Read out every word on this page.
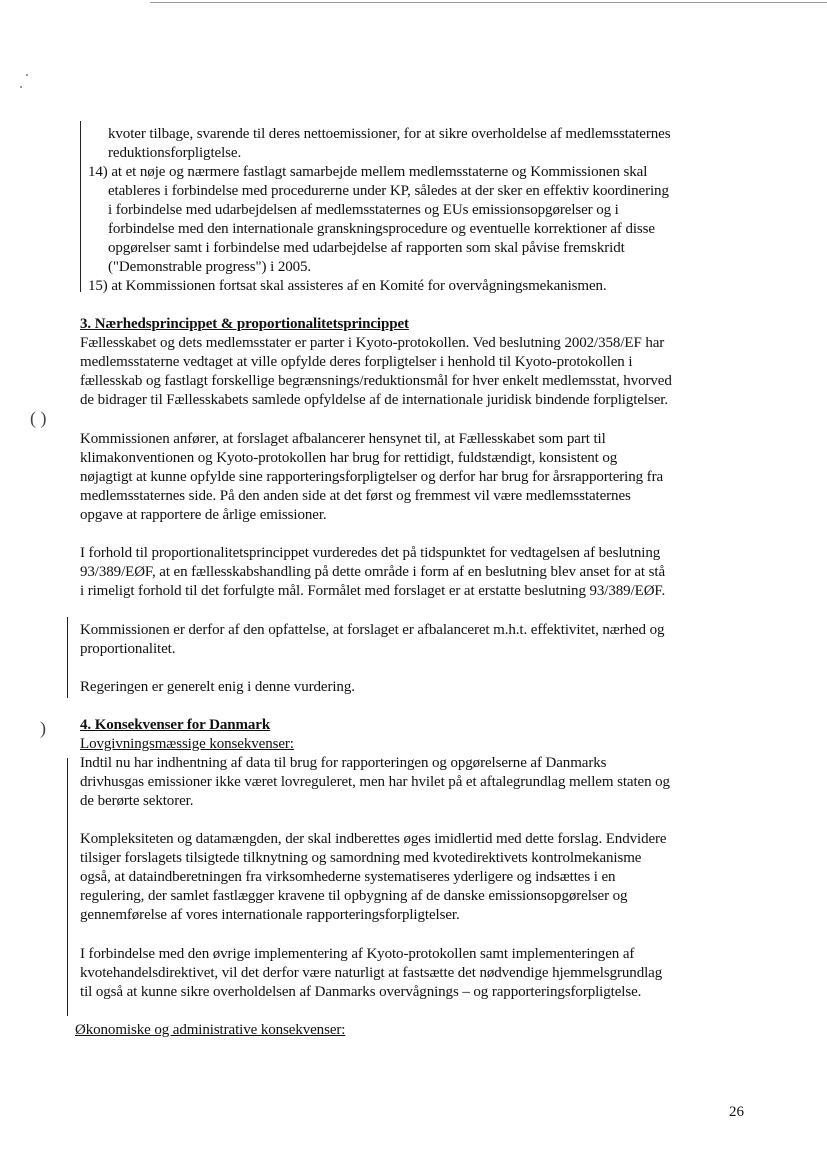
( )
)
kvoter tilbage, svarende til deres nettoemissioner, for at sikre overholdelse af medlemsstaternes
reduktionsforpligtelse.
14) at et nøje og nærmere fastlagt samarbejde mellem medlemsstaterne og Kommissionen skal
etableres i forbindelse med procedurerne under KP, således at der sker en effektiv koordinering
i forbindelse med udarbejdelsen af medlemsstaternes og EUs emissionsopgørelser og i
forbindelse med den internationale granskningsprocedure og eventuelle korrektioner af disse
opgørelser samt i forbindelse med udarbejdelse af rapporten som skal påvise fremskridt
("Demonstrable progress") i 2005.
15) at Kommissionen fortsat skal assisteres af en Komité for overvågningsmekanismen.
3. Nærhedsprincippet & proportionalitetsprincippet
Fællesskabet og dets medlemsstater er parter i Kyoto-protokollen. Ved beslutning 2002/358/EF har
medlemsstaterne vedtaget at ville opfylde deres forpligtelser i henhold til Kyoto-protokollen i
fællesskab og fastlagt forskellige begrænsnings/reduktionsmål for hver enkelt medlemsstat, hvorved
de bidrager til Fællesskabets samlede opfyldelse af de internationale juridisk bindende forpligtelser.
Kommissionen anfører, at forslaget afbalancerer hensynet til, at Fællesskabet som part til
klimakonventionen og Kyoto-protokollen har brug for rettidigt, fuldstændigt, konsistent og
nøjagtigt at kunne opfylde sine rapporteringsforpligtelser og derfor har brug for årsrapportering fra
medlemsstaternes side. På den anden side at det først og fremmest vil være medlemsstaternes
opgave at rapportere de årlige emissioner.
I forhold til proportionalitetsprincippet vurderedes det på tidspunktet for vedtagelsen af beslutning
93/389/EØF, at en fællesskabshandling på dette område i form af en beslutning blev anset for at stå
i rimeligt forhold til det forfulgte mål. Formålet med forslaget er at erstatte beslutning 93/389/EØF.
Kommissionen er derfor af den opfattelse, at forslaget er afbalanceret m.h.t. effektivitet, nærhed og
proportionalitet.
Regeringen er generelt enig i denne vurdering.
4. Konsekvenser for Danmark
Lovgivningsmæssige konsekvenser:
Indtil nu har indhentning af data til brug for rapporteringen og opgørelserne af Danmarks
drivhusgas emissioner ikke været lovreguleret, men har hvilet på et aftalegrundlag mellem staten og
de berørte sektorer.
Kompleksiteten og datamængden, der skal indberettes øges imidlertid med dette forslag. Endvidere
tilsiger forslagets tilsigtede tilknytning og samordning med kvotedirektivets kontrolmekanisme
også, at dataindberetningen fra virksomhederne systematiseres yderligere og indsættes i en
regulering, der samlet fastlægger kravene til opbygning af de danske emissionsopgørelser og
gennemførelse af vores internationale rapporteringsforpligtelser.
I forbindelse med den øvrige implementering af Kyoto-protokollen samt implementeringen af
kvotehandelsdirektivet, vil det derfor være naturligt at fastsætte det nødvendige hjemmelsgrundlag
til også at kunne sikre overholdelsen af Danmarks overvågnings – og rapporteringsforpligtelse.
Økonomiske og administrative konsekvenser:
26
